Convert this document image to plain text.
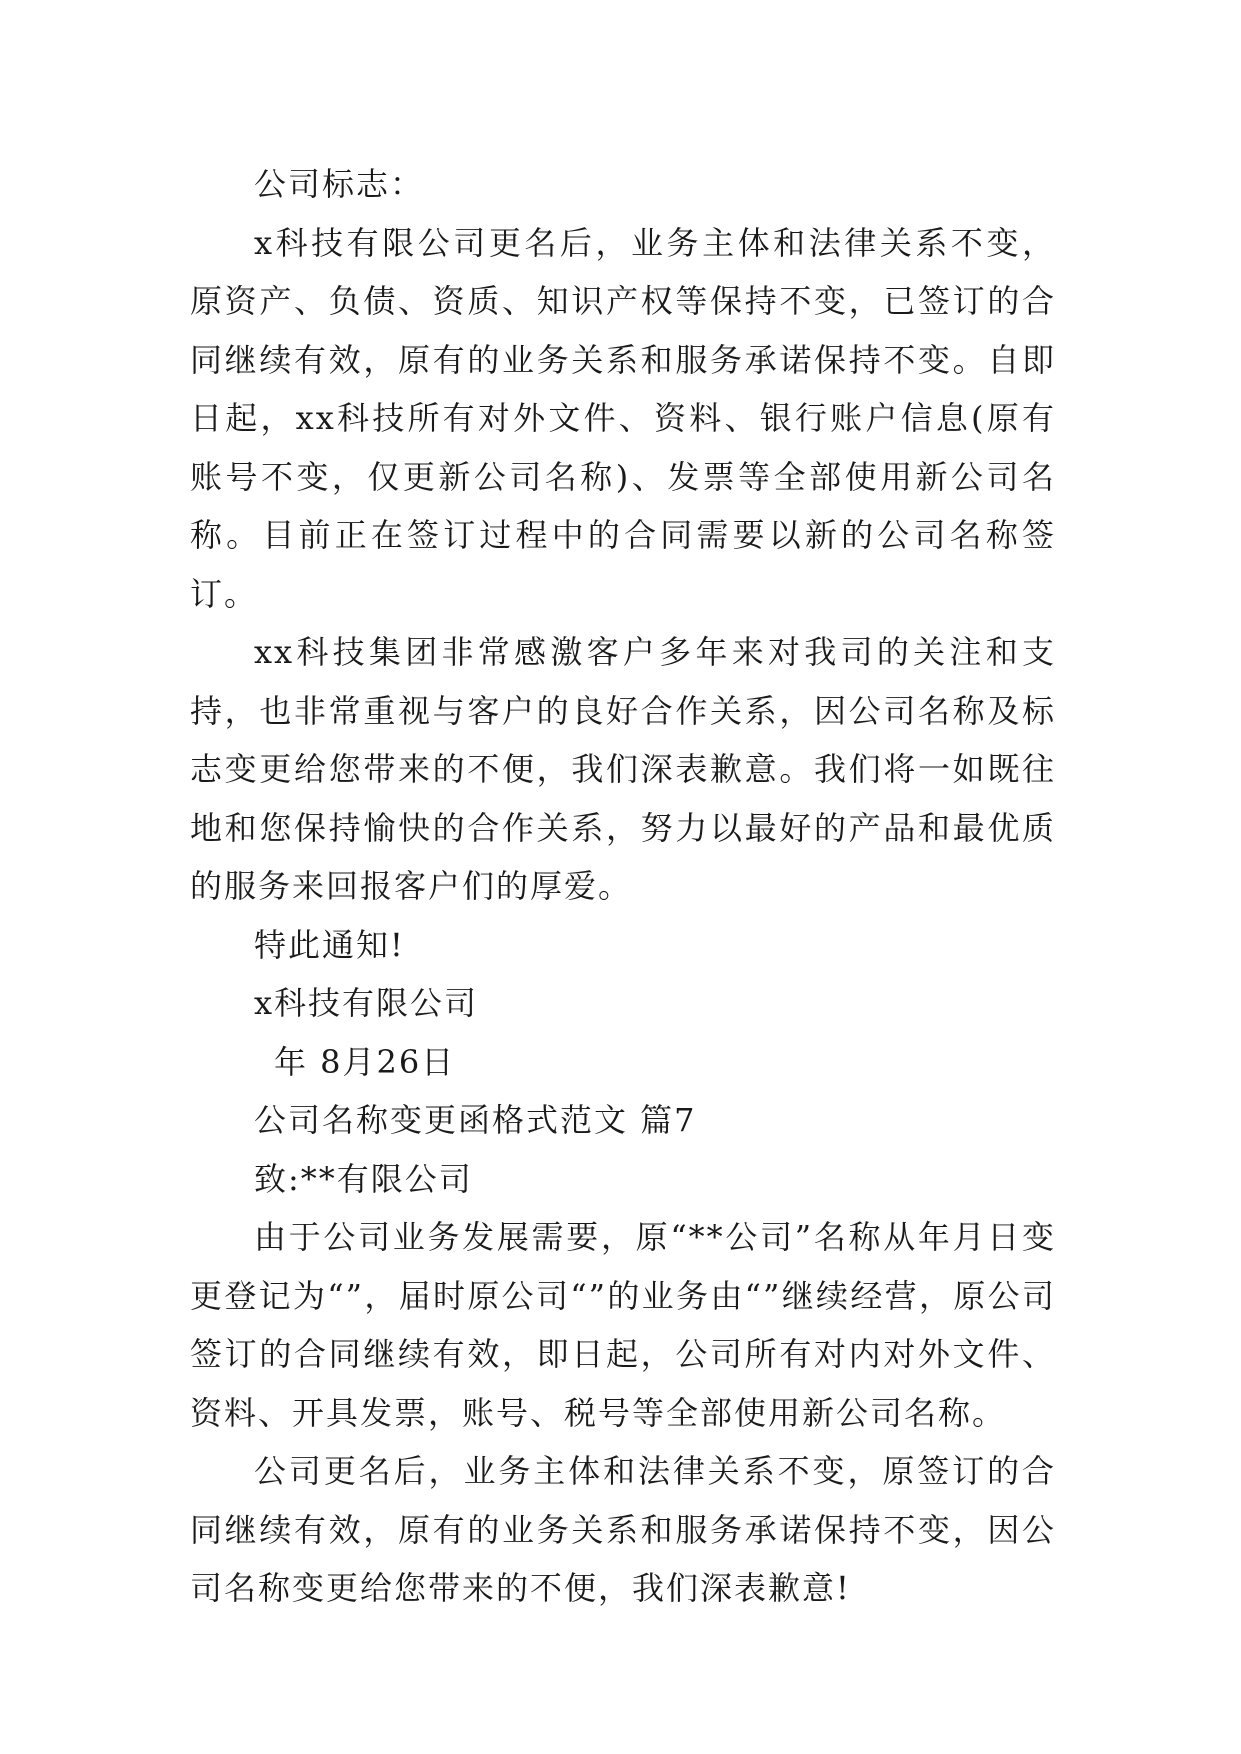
公司标志：

x科技有限公司更名后，业务主体和法律关系不变，原资产、负债、资质、知识产权等保持不变，已签订的合同继续有效，原有的业务关系和服务承诺保持不变。自即日起，xx科技所有对外文件、资料、银行账户信息(原有账号不变，仅更新公司名称)、发票等全部使用新公司名称。目前正在签订过程中的合同需要以新的公司名称签订。

xx科技集团非常感激客户多年来对我司的关注和支持，也非常重视与客户的良好合作关系，因公司名称及标志变更给您带来的不便，我们深表歉意。我们将一如既往地和您保持愉快的合作关系，努力以最好的产品和最优质的服务来回报客户们的厚爱。

特此通知!

x科技有限公司

年 8月26日

公司名称变更函格式范文 篇7

致:**有限公司

由于公司业务发展需要，原“**公司”名称从年月日变更登记为“”，届时原公司“”的业务由“”继续经营，原公司签订的合同继续有效，即日起，公司所有对内对外文件、资料、开具发票，账号、税号等全部使用新公司名称。

公司更名后，业务主体和法律关系不变，原签订的合同继续有效，原有的业务关系和服务承诺保持不变，因公司名称变更给您带来的不便，我们深表歉意!
